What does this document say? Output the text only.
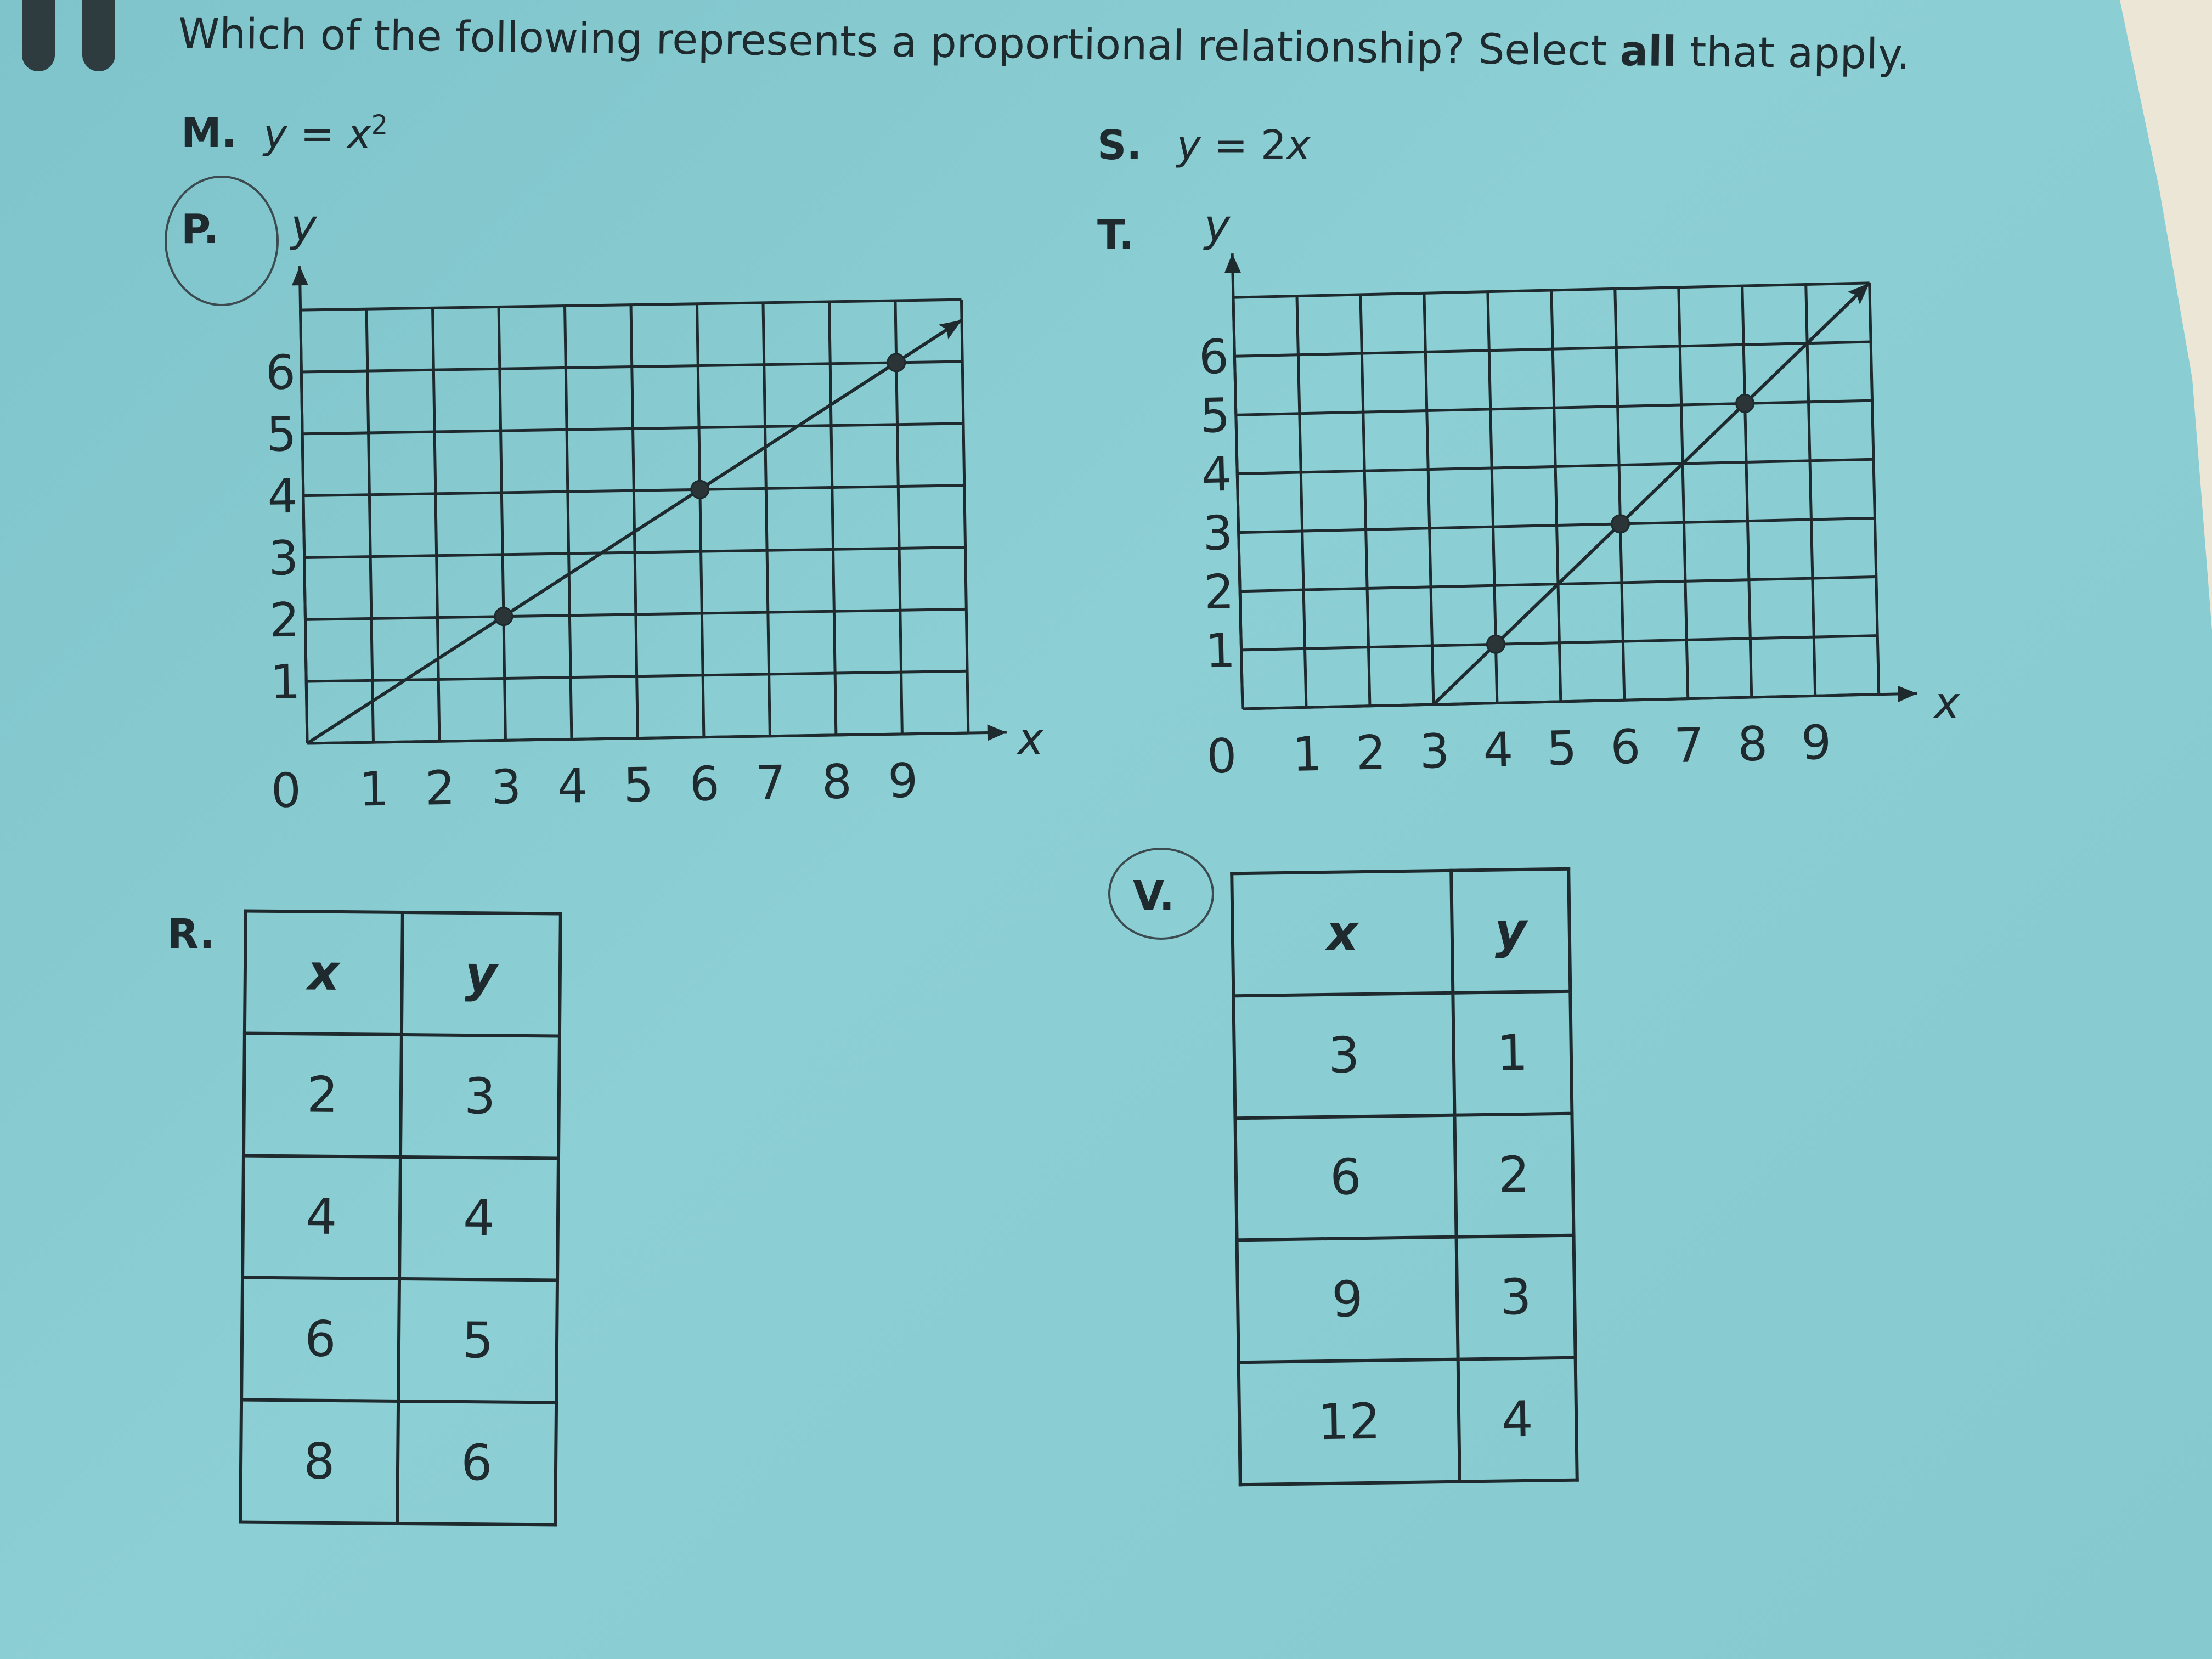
Which of the following represents a proportional relationship? Select all that apply.
M. $y = x^2$	S. y = 2x
P. y
x
0 1 2 3 4 5 6 7 8 9
1
2
3
4
5
6
T. y
x
0 1 2 3 4 5 6 7 8 9
1
2
3
4
5
6
R.
x	y
2	3
4	4
6	5
8	6
V.
x	y
3	1
6	2
9	3
12	4
